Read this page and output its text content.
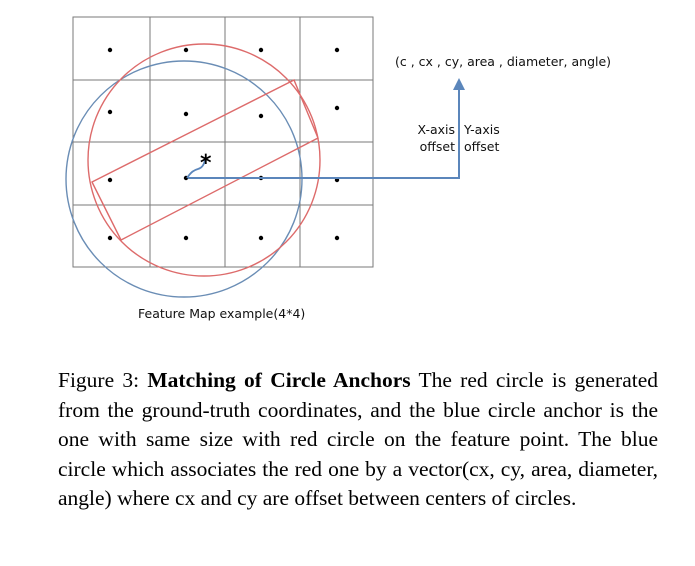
*
(c , cx , cy, area , diameter, angle)
X-axis
offset
Y-axis
offset
Feature Map example(4*4)

Figure 3: Matching of Circle Anchors The red circle is generated from the ground-truth coordinates, and the blue circle anchor is the one with same size with red circle on the feature point. The blue circle which associates the red one by a vector(cx, cy, area, diameter, angle) where cx and cy are offset between centers of circles.
